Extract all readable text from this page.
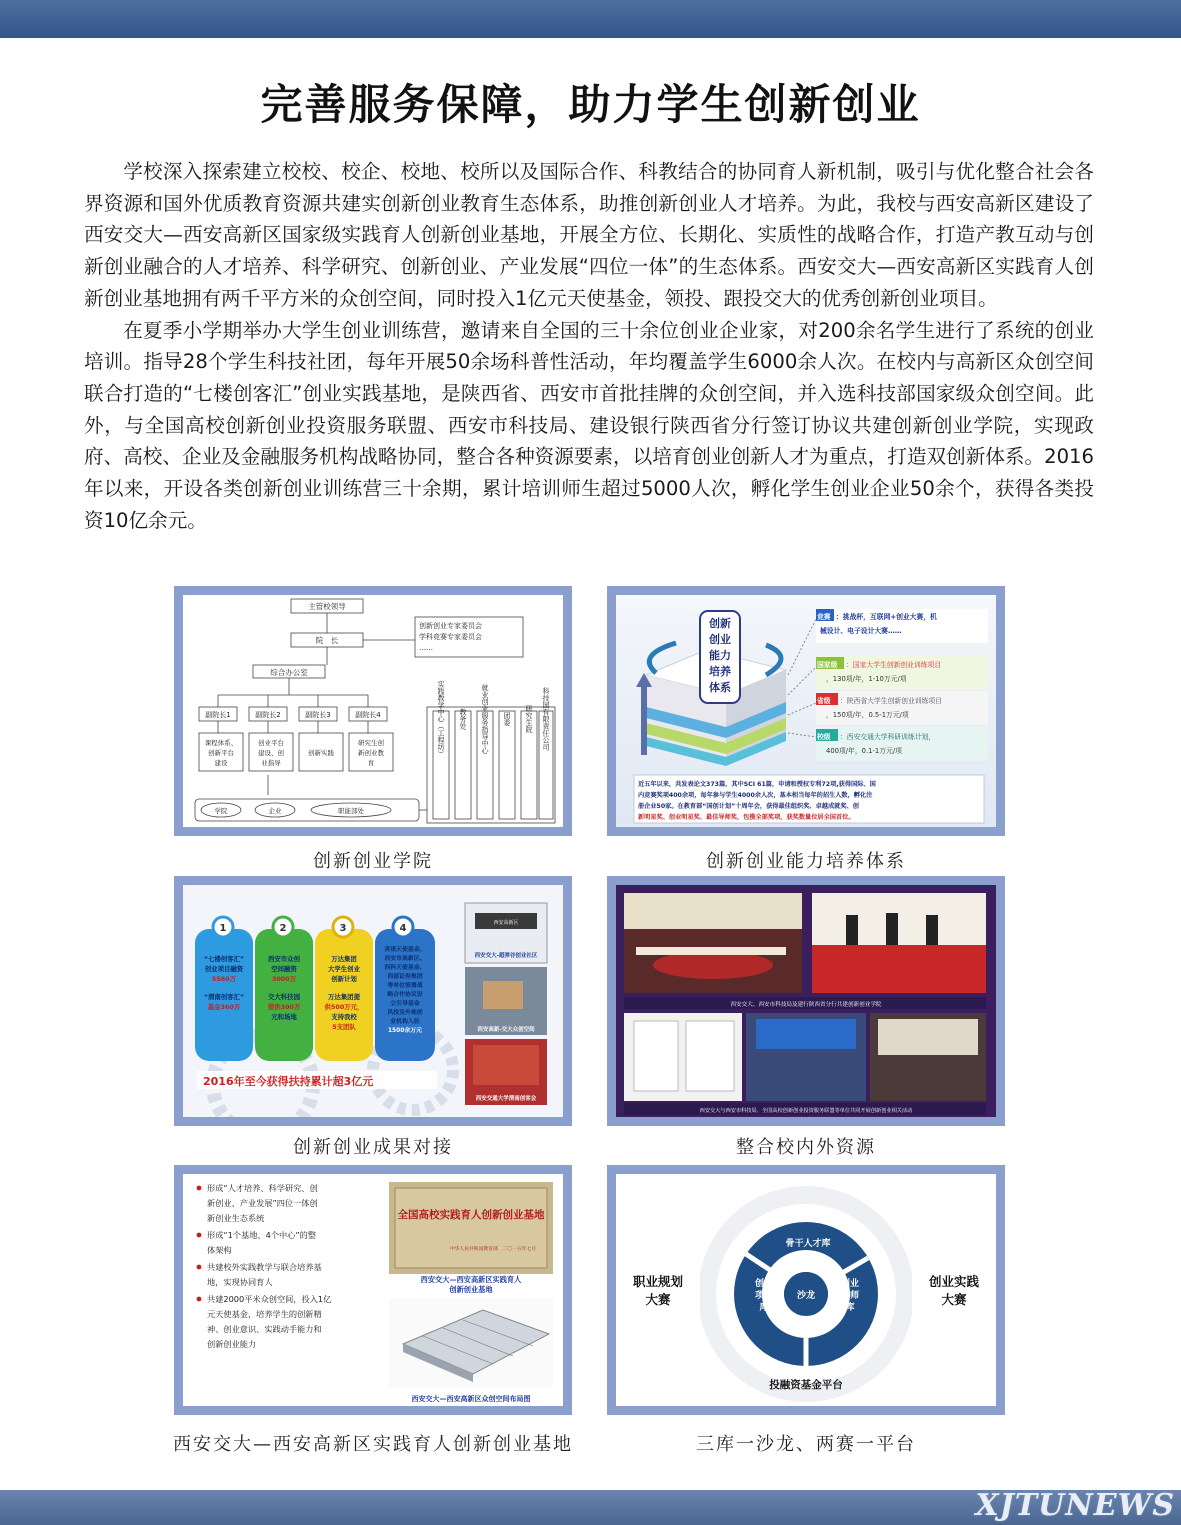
完善服务保障，助力学生创新创业

学校深入探索建立校校、校企、校地、校所以及国际合作、科教结合的协同育人新机制，吸引与优化整合社会各界资源和国外优质教育资源共建实创新创业教育生态体系，助推创新创业人才培养。为此，我校与西安高新区建设了西安交大—西安高新区国家级实践育人创新创业基地，开展全方位、长期化、实质性的战略合作，打造产教互动与创新创业融合的人才培养、科学研究、创新创业、产业发展“四位一体”的生态体系。西安交大—西安高新区实践育人创新创业基地拥有两千平方米的众创空间，同时投入1亿元天使基金，领投、跟投交大的优秀创新创业项目。

在夏季小学期举办大学生创业训练营，邀请来自全国的三十余位创业企业家，对200余名学生进行了系统的创业培训。指导28个学生科技社团，每年开展50余场科普性活动，年均覆盖学生6000余人次。在校内与高新区众创空间联合打造的“七楼创客汇”创业实践基地，是陕西省、西安市首批挂牌的众创空间，并入选科技部国家级众创空间。此外，与全国高校创新创业投资服务联盟、西安市科技局、建设银行陕西省分行签订协议共建创新创业学院，实现政府、高校、企业及金融服务机构战略协同，整合各种资源要素，以培育创业创新人才为重点，打造双创新体系。2016年以来，开设各类创新创业训练营三十余期，累计培训师生超过5000人次，孵化学生创业企业50余个，获得各类投资10亿余元。

主管校领导
院　长
创新创业专家委员会
学科竞赛专家委员会
……
综合办公室
副院长1	副院长2	副院长3	副院长4
课程体系、
创新平台
建设
创业平台
建设、创
业指导
创新实践
研究生创
新创业教
育
学院	企业	职能部处
实践教学中心（工程坊） 教务处 就业创业服务指导中心 团委 研究生院 科技园有限责任公司
创新创业学院
创新
创业
能力
培养
体系
竞赛 ：挑战杯，互联网+创业大赛，机
械设计、电子设计大赛……
国家级 ：国家大学生创新创业训练项目
，130项/年，1-10万元/项
省级 ：陕西省大学生创新创业训练项目
，150项/年，0.5-1万元/项
校级 ：西安交通大学科研训练计划，
400项/年，0.1-1万元/项
近五年以来，共发表论文373篇，其中SCI 61篇，申请和授权专利72项,获得国际、国
内竞赛奖项400余项，每年参与学生4000余人次，基本相当每年的招生人数，孵化注
册企业50家。在教育部“国创计划”十周年会，获得最佳组织奖、卓越成就奖、创
新明星奖、创业明星奖、最佳导师奖，包揽全部奖项，获奖数量位居全国首位。
创新创业能力培养体系
1	2	3	4
“七楼创客汇”
创业项目融资
5580万
“渭南创客汇”
基金360万
西安市众创
空间融资
3000万
交大科技园
提供300万
元和场地
万达集团
大学生创业
创新计划
万达集团提
供500万元，
支持我校
5支团队
英诺天使基金、
西安市高新区、
西科天使基金、
西部证券集团
等单位签署战
略合作协议设
立引导基金
风投及外地创
业机构入驻
1500余万元
2016年至今获得扶持累计超3亿元
西安高新区
西安交大-超弹谷创业社区
西安高新-交大众创空间
西安交通大学渭南创客会
创新创业成果对接
西安交大、西安市科技局及建行陕西省分行共建创新创业学院
西安交大与西安市科技局、全国高校创新创业投资服务联盟等单位共同开展创新创业相关活动
整合校内外资源
形成“人才培养、科学研究、创
新创业、产业发展”四位一体创
新创业生态系统
形成“1个基地、4个中心”的整
体架构
共建校外实践教学与联合培养基
地，实现协同育人
共建2000平米众创空间，投入1亿
元天使基金，培养学生的创新精
神、创业意识、实践动手能力和
创新创业能力
全国高校实践育人创新创业基地
中华人民共和国教育部　二〇一五年七月
西安交大—西安高新区实践育人
创新创业基地
西安交大—西安高新区众创空间布局图
西安交大—西安高新区实践育人创新创业基地
职业规划
大赛
创业实践
大赛
骨干人才库
创业
项目
库
沙龙
创业
导师
库
投融资基金平台
三库一沙龙、两赛一平台
XJTUNEWS
